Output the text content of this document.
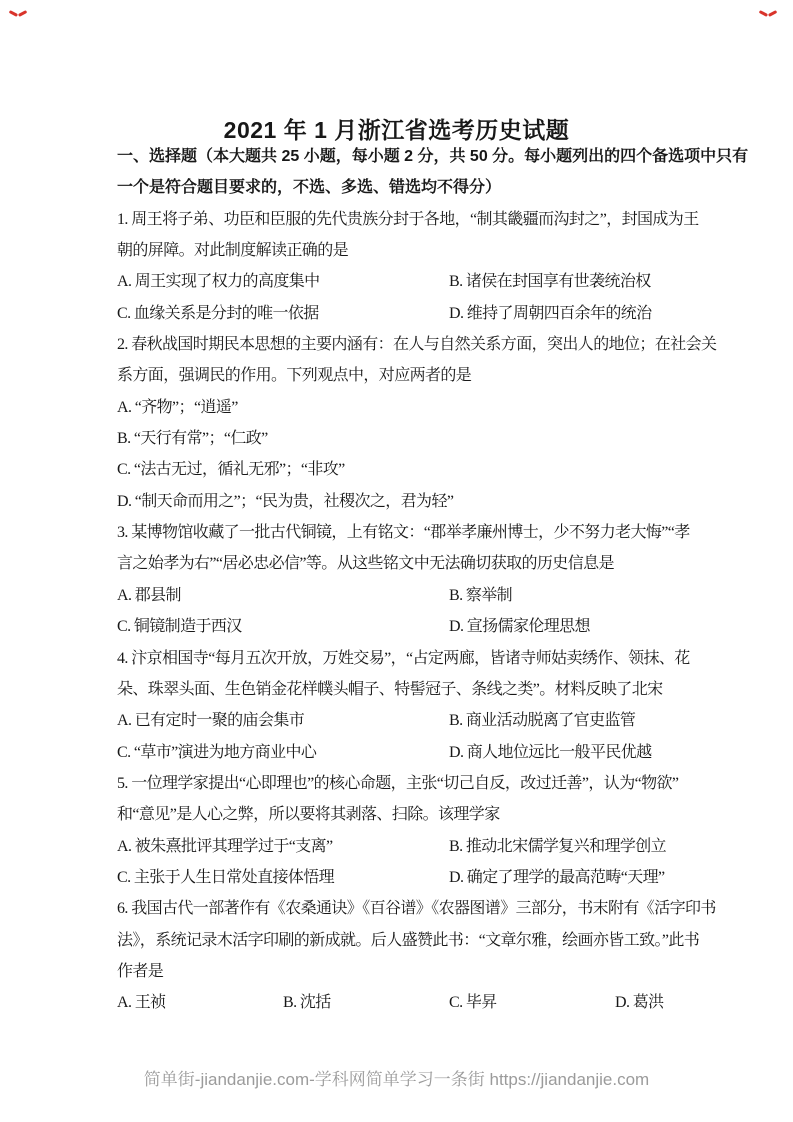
2021 年 1 月浙江省选考历史试题
一、选择题（本大题共 25 小题，每小题 2 分，共 50 分。每小题列出的四个备选项中只有
一个是符合题目要求的，不选、多选、错选均不得分）
1. 周王将子弟、功臣和臣服的先代贵族分封于各地，“制其畿疆而沟封之”，封国成为王
朝的屏障。对此制度解读正确的是
A. 周王实现了权力的高度集中	B. 诸侯在封国享有世袭统治权
C. 血缘关系是分封的唯一依据	D. 维持了周朝四百余年的统治
2. 春秋战国时期民本思想的主要内涵有：在人与自然关系方面，突出人的地位；在社会关
系方面，强调民的作用。下列观点中，对应两者的是
A. “齐物”；“逍遥”
B. “天行有常”；“仁政”
C. “法古无过，循礼无邪”；“非攻”
D. “制天命而用之”；“民为贵，社稷次之，君为轻”
3. 某博物馆收藏了一批古代铜镜，上有铭文：“郡举孝廉州博士，少不努力老大悔”“孝
言之始孝为右”“居必忠必信”等。从这些铭文中无法确切获取的历史信息是
A. 郡县制	B. 察举制
C. 铜镜制造于西汉	D. 宣扬儒家伦理思想
4. 汴京相国寺“每月五次开放，万姓交易”，“占定两廊，皆诸寺师姑卖绣作、领抹、花
朵、珠翠头面、生色销金花样幞头帽子、特髻冠子、条线之类”。材料反映了北宋
A. 已有定时一聚的庙会集市	B. 商业活动脱离了官吏监管
C. “草市”演进为地方商业中心	D. 商人地位远比一般平民优越
5. 一位理学家提出“心即理也”的核心命题，主张“切己自反，改过迁善”，认为“物欲”
和“意见”是人心之弊，所以要将其剥落、扫除。该理学家
A. 被朱熹批评其理学过于“支离”	B. 推动北宋儒学复兴和理学创立
C. 主张于人生日常处直接体悟理	D. 确定了理学的最高范畴“天理”
6. 我国古代一部著作有《农桑通诀》《百谷谱》《农器图谱》三部分，书末附有《活字印书
法》，系统记录木活字印刷的新成就。后人盛赞此书：“文章尔雅，绘画亦皆工致。”此书
作者是
A. 王祯	B. 沈括	C. 毕昇	D. 葛洪
简单街-jiandanjie.com-学科网简单学习一条街 https://jiandanjie.com
